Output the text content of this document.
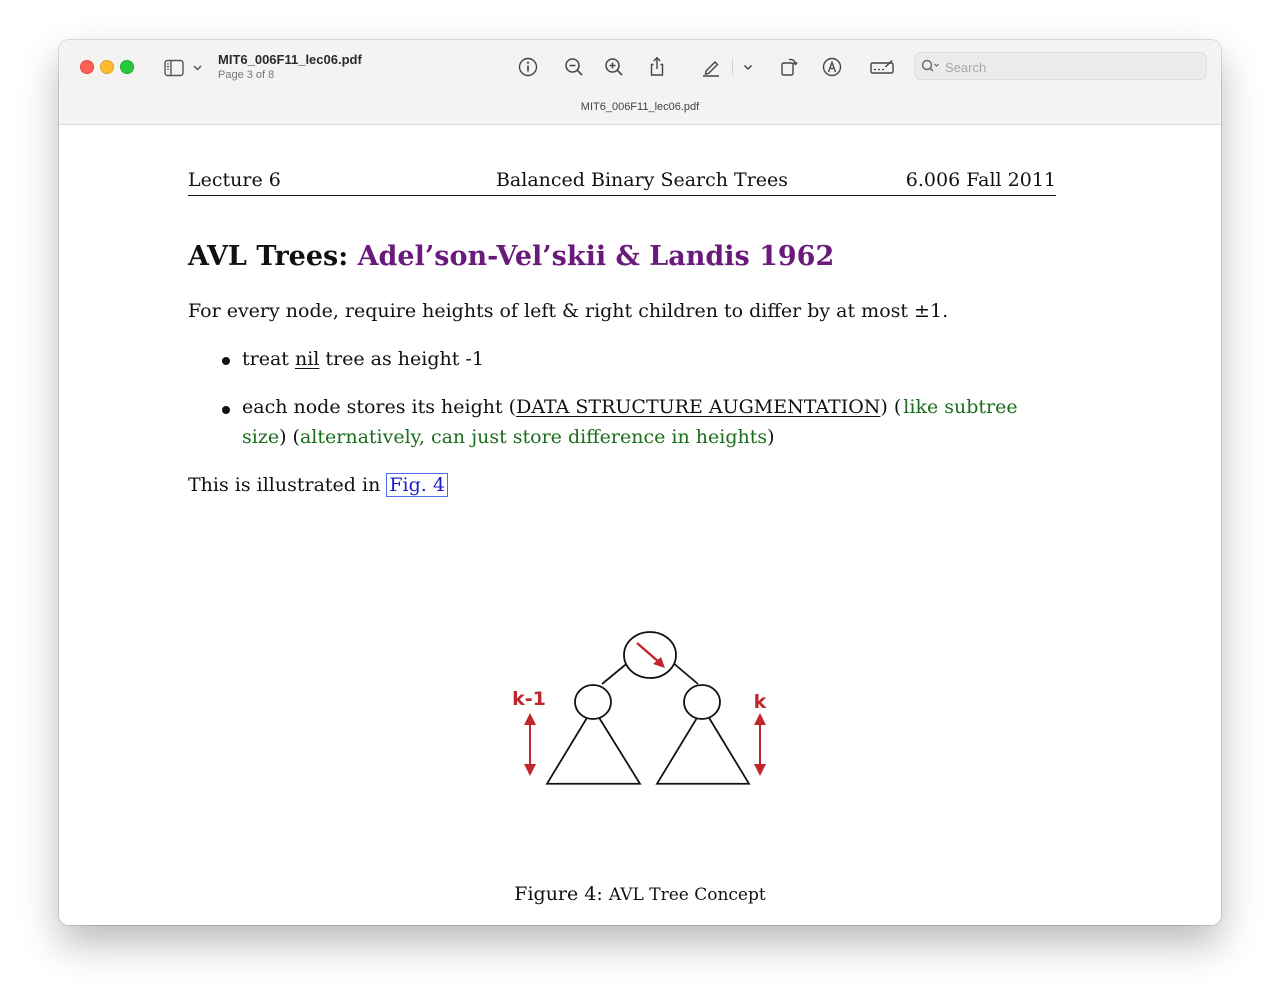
MIT6_006F11_lec06.pdf
Page 3 of 8
Search
MIT6_006F11_lec06.pdf
Lecture 6	Balanced Binary Search Trees	6.006 Fall 2011
AVL Trees: Adel’son-Vel’skii & Landis 1962
For every node, require heights of left & right children to differ by at most ±1.
treat nil tree as height -1
each node stores its height (DATA STRUCTURE AUGMENTATION) ( like subtree
size) (alternatively, can just store difference in heights)
This is illustrated in Fig. 4
k-1	k
Figure 4: AVL Tree Concept
